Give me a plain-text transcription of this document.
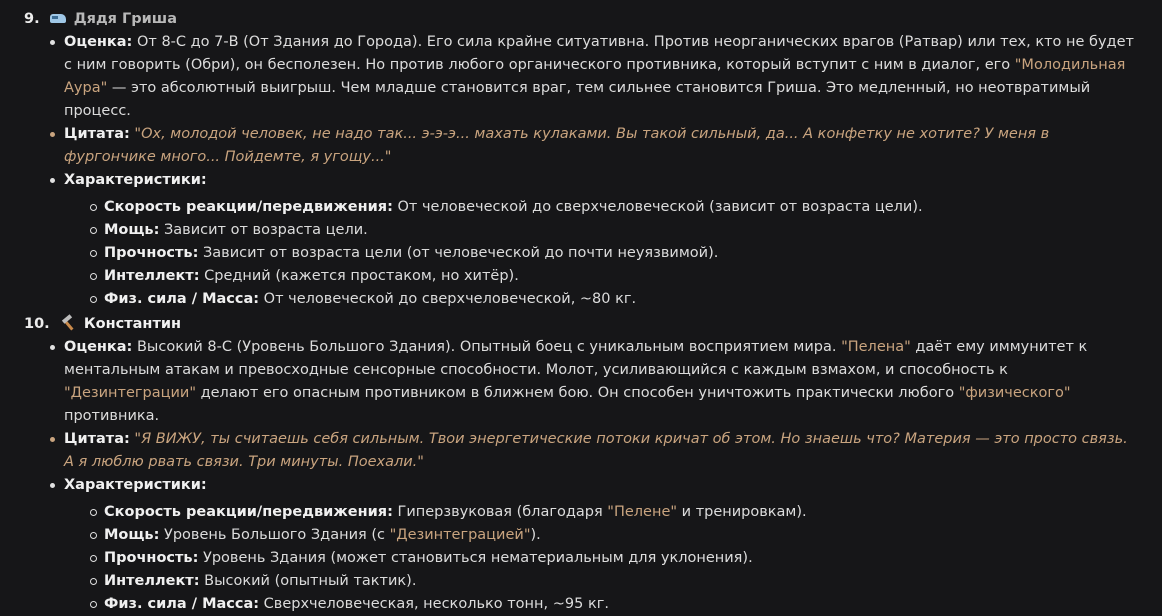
9. Дядя Гриша

Оценка: От 8-C до 7-B (От Здания до Города). Его сила крайне ситуативна. Против неорганических врагов (Ратвар) или тех, кто не будет с ним говорить (Обри), он бесполезен. Но против любого органического противника, который вступит с ним в диалог, его "Молодильная Аура" — это абсолютный выигрыш. Чем младше становится враг, тем сильнее становится Гриша. Это медленный, но неотвратимый процесс.
Цитата: "Ох, молодой человек, не надо так... э-э-э... махать кулаками. Вы такой сильный, да... А конфетку не хотите? У меня в фургончике много... Пойдемте, я угощу..."
Характеристики:
Скорость реакции/передвижения: От человеческой до сверхчеловеческой (зависит от возраста цели).
Мощь: Зависит от возраста цели.
Прочность: Зависит от возраста цели (от человеческой до почти неуязвимой).
Интеллект: Средний (кажется простаком, но хитёр).
Физ. сила / Масса: От человеческой до сверхчеловеческой, ~80 кг.

10. Константин

Оценка: Высокий 8-C (Уровень Большого Здания). Опытный боец с уникальным восприятием мира. "Пелена" даёт ему иммунитет к ментальным атакам и превосходные сенсорные способности. Молот, усиливающийся с каждым взмахом, и способность к "Дезинтеграции" делают его опасным противником в ближнем бою. Он способен уничтожить практически любого "физического" противника.
Цитата: "Я ВИЖУ, ты считаешь себя сильным. Твои энергетические потоки кричат об этом. Но знаешь что? Материя — это просто связь. А я люблю рвать связи. Три минуты. Поехали."
Характеристики:
Скорость реакции/передвижения: Гиперзвуковая (благодаря "Пелене" и тренировкам).
Мощь: Уровень Большого Здания (с "Дезинтеграцией").
Прочность: Уровень Здания (может становиться нематериальным для уклонения).
Интеллект: Высокий (опытный тактик).
Физ. сила / Масса: Сверхчеловеческая, несколько тонн, ~95 кг.
